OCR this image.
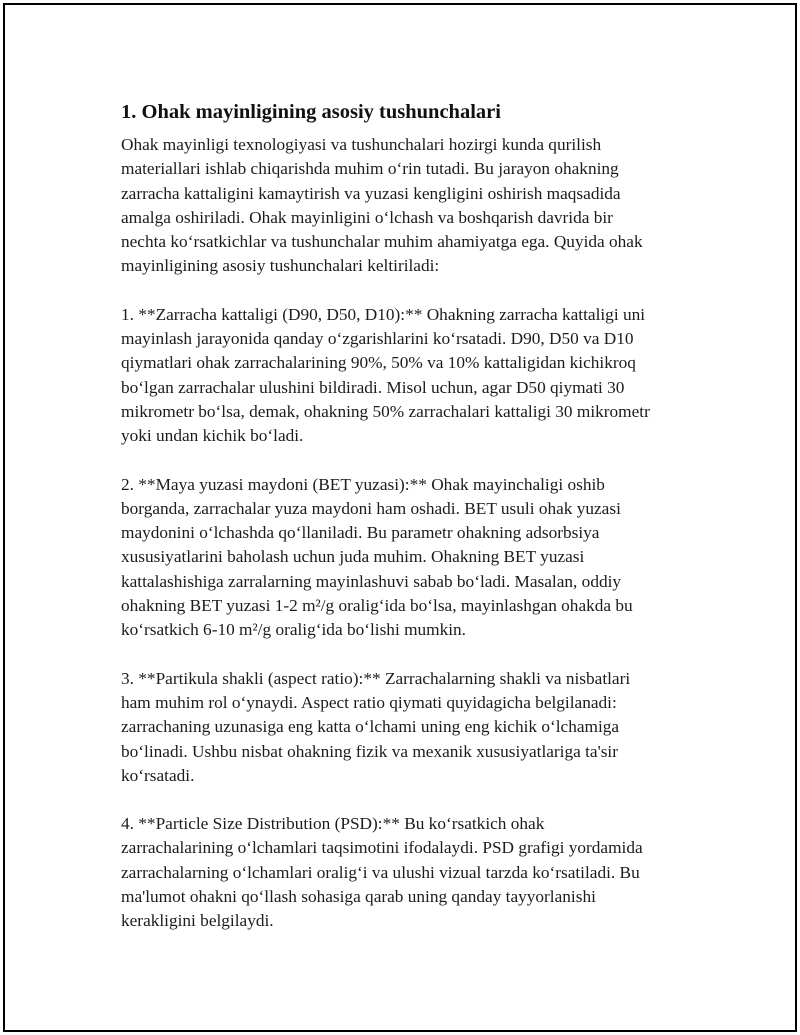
1. Ohak mayinligining asosiy tushunchalari

Ohak mayinligi texnologiyasi va tushunchalari hozirgi kunda qurilish
materiallari ishlab chiqarishda muhim o‘rin tutadi. Bu jarayon ohakning
zarracha kattaligini kamaytirish va yuzasi kengligini oshirish maqsadida
amalga oshiriladi. Ohak mayinligini o‘lchash va boshqarish davrida bir
nechta ko‘rsatkichlar va tushunchalar muhim ahamiyatga ega. Quyida ohak
mayinligining asosiy tushunchalari keltiriladi:

1. **Zarracha kattaligi (D90, D50, D10):** Ohakning zarracha kattaligi uni
mayinlash jarayonida qanday o‘zgarishlarini ko‘rsatadi. D90, D50 va D10
qiymatlari ohak zarrachalarining 90%, 50% va 10% kattaligidan kichikroq
bo‘lgan zarrachalar ulushini bildiradi. Misol uchun, agar D50 qiymati 30
mikrometr bo‘lsa, demak, ohakning 50% zarrachalari kattaligi 30 mikrometr
yoki undan kichik bo‘ladi.

2. **Maya yuzasi maydoni (BET yuzasi):** Ohak mayinchaligi oshib
borganda, zarrachalar yuza maydoni ham oshadi. BET usuli ohak yuzasi
maydonini o‘lchashda qo‘llaniladi. Bu parametr ohakning adsorbsiya
xususiyatlarini baholash uchun juda muhim. Ohakning BET yuzasi
kattalashishiga zarralarning mayinlashuvi sabab bo‘ladi. Masalan, oddiy
ohakning BET yuzasi 1-2 m²/g oralig‘ida bo‘lsa, mayinlashgan ohakda bu
ko‘rsatkich 6-10 m²/g oralig‘ida bo‘lishi mumkin.

3. **Partikula shakli (aspect ratio):** Zarrachalarning shakli va nisbatlari
ham muhim rol o‘ynaydi. Aspect ratio qiymati quyidagicha belgilanadi:
zarrachaning uzunasiga eng katta o‘lchami uning eng kichik o‘lchamiga
bo‘linadi. Ushbu nisbat ohakning fizik va mexanik xususiyatlariga ta'sir
ko‘rsatadi.

4. **Particle Size Distribution (PSD):** Bu ko‘rsatkich ohak
zarrachalarining o‘lchamlari taqsimotini ifodalaydi. PSD grafigi yordamida
zarrachalarning o‘lchamlari oralig‘i va ulushi vizual tarzda ko‘rsatiladi. Bu
ma'lumot ohakni qo‘llash sohasiga qarab uning qanday tayyorlanishi
kerakligini belgilaydi.
